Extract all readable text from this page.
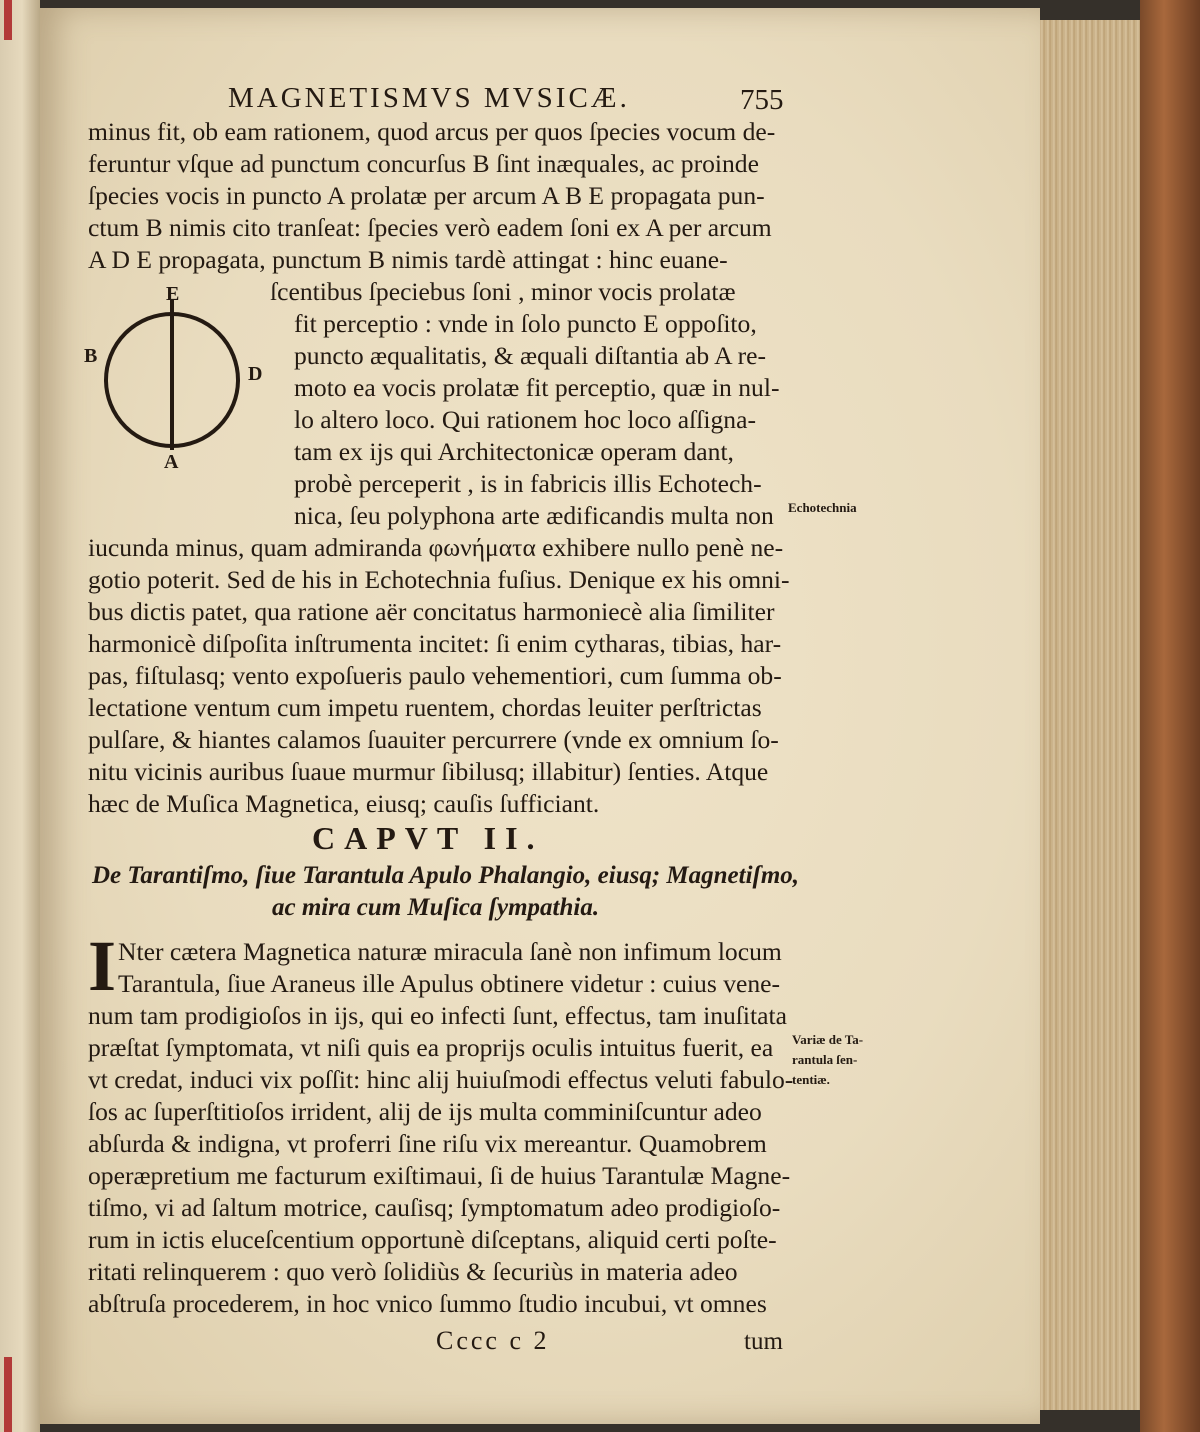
MAGNETISMVS MVSICÆ.	755
minus fit, ob eam rationem, quod arcus per quos ſpecies vocum de-
feruntur vſque ad punctum concurſus B ſint inæquales, ac proinde
ſpecies vocis in puncto A prolatæ per arcum A B E propagata pun-
ctum B nimis cito tranſeat: ſpecies verò eadem ſoni ex A per arcum
A D E propagata, punctum B nimis tardè attingat : hinc euane-
E
B
D
A
ſcentibus ſpeciebus ſoni , minor vocis prolatæ
fit perceptio : vnde in ſolo puncto E oppoſito,
puncto æqualitatis, & æquali diſtantia ab A re-
moto ea vocis prolatæ fit perceptio, quæ in nul-
lo altero loco. Qui rationem hoc loco aſſigna-
tam ex ijs qui Architectonicæ operam dant,
probè perceperit , is in fabricis illis Echotech-
nica, ſeu polyphona arte ædificandis multa non
iucunda minus, quam admiranda φωνήματα exhibere nullo penè ne-
gotio poterit. Sed de his in Echotechnia fuſius. Denique ex his omni-
bus dictis patet, qua ratione aër concitatus harmoniecè alia ſimiliter
harmonicè diſpoſita inſtrumenta incitet: ſi enim cytharas, tibias, har-
pas, fiſtulasq; vento expoſueris paulo vehementiori, cum ſumma ob-
lectatione ventum cum impetu ruentem, chordas leuiter perſtrictas
pulſare, & hiantes calamos ſuauiter percurrere (vnde ex omnium ſo-
nitu vicinis auribus ſuaue murmur ſibilusq; illabitur) ſenties. Atque
hæc de Muſica Magnetica, eiusq; cauſis ſufficiant.
CAPVT II.
De Tarantiſmo, ſiue Tarantula Apulo Phalangio, eiusq; Magnetiſmo,
ac mira cum Muſica ſympathia.
I Nter cætera Magnetica naturæ miracula ſanè non infimum locum
Tarantula, ſiue Araneus ille Apulus obtinere videtur : cuius vene-
num tam prodigioſos in ijs, qui eo infecti ſunt, effectus, tam inuſitata
præſtat ſymptomata, vt niſi quis ea proprijs oculis intuitus fuerit, ea
vt credat, induci vix poſſit: hinc alij huiuſmodi effectus veluti fabulo-
ſos ac ſuperſtitioſos irrident, alij de ijs multa comminiſcuntur adeo
abſurda & indigna, vt proferri ſine riſu vix mereantur. Quamobrem
operæpretium me facturum exiſtimaui, ſi de huius Tarantulæ Magne-
tiſmo, vi ad ſaltum motrice, cauſisq; ſymptomatum adeo prodigioſo-
rum in ictis eluceſcentium opportunè diſceptans, aliquid certi poſte-
ritati relinquerem : quo verò ſolidiùs & ſecuriùs in materia adeo
abſtruſa procederem, in hoc vnico ſummo ſtudio incubui, vt omnes
Cccc c 2	tum
Echotechnia
Variæ de Ta-
rantula ſen-
tentiæ.
